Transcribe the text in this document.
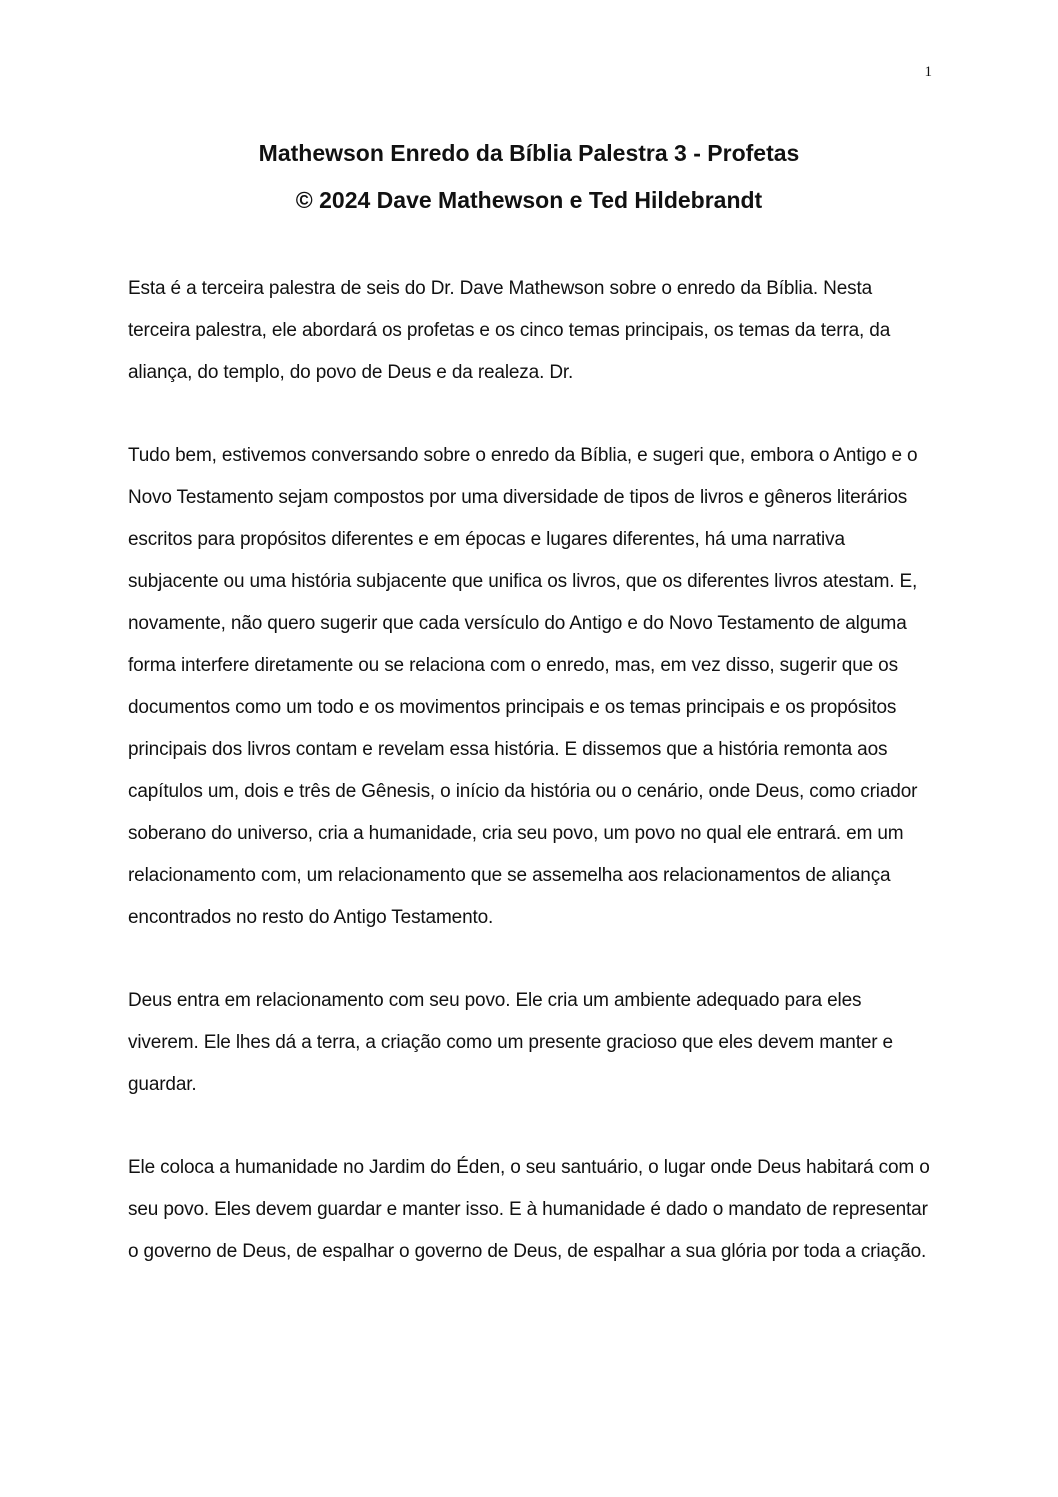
1
Mathewson Enredo da Bíblia Palestra 3 - Profetas
© 2024 Dave Mathewson e Ted Hildebrandt

Esta é a terceira palestra de seis do Dr. Dave Mathewson sobre o enredo da Bíblia. Nesta terceira palestra, ele abordará os profetas e os cinco temas principais, os temas da terra, da aliança, do templo, do povo de Deus e da realeza. Dr.

Tudo bem, estivemos conversando sobre o enredo da Bíblia, e sugeri que, embora o Antigo e o Novo Testamento sejam compostos por uma diversidade de tipos de livros e gêneros literários escritos para propósitos diferentes e em épocas e lugares diferentes, há uma narrativa subjacente ou uma história subjacente que unifica os livros, que os diferentes livros atestam. E, novamente, não quero sugerir que cada versículo do Antigo e do Novo Testamento de alguma forma interfere diretamente ou se relaciona com o enredo, mas, em vez disso, sugerir que os documentos como um todo e os movimentos principais e os temas principais e os propósitos principais dos livros contam e revelam essa história. E dissemos que a história remonta aos capítulos um, dois e três de Gênesis, o início da história ou o cenário, onde Deus, como criador soberano do universo, cria a humanidade, cria seu povo, um povo no qual ele entrará. em um relacionamento com, um relacionamento que se assemelha aos relacionamentos de aliança encontrados no resto do Antigo Testamento.

Deus entra em relacionamento com seu povo. Ele cria um ambiente adequado para eles viverem. Ele lhes dá a terra, a criação como um presente gracioso que eles devem manter e guardar.

Ele coloca a humanidade no Jardim do Éden, o seu santuário, o lugar onde Deus habitará com o seu povo. Eles devem guardar e manter isso. E à humanidade é dado o mandato de representar o governo de Deus, de espalhar o governo de Deus, de espalhar a sua glória por toda a criação.
